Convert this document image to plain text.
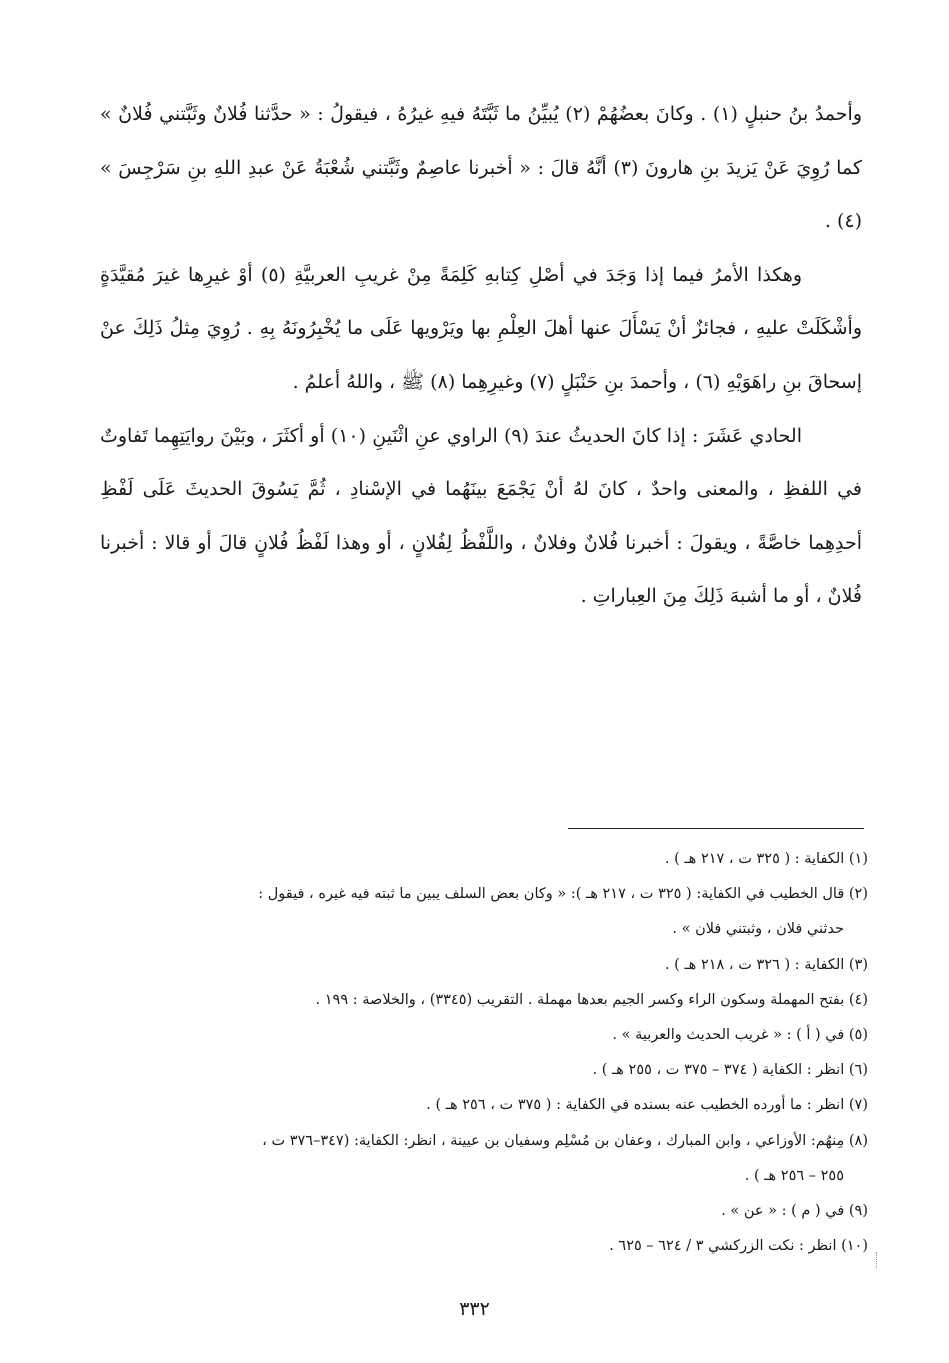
وأحمدُ بنُ حنبلٍ (١) . وكانَ بعضُهُمْ (٢) يُبيِّنُ ما ثَبَّتَهُ فيهِ غيرُهُ ، فيقولُ : « حدَّثنا فُلانٌ وثَبَّتني فُلانٌ » كما رُوِيَ عَنْ يَزيدَ بنِ هارونَ (٣) أنَّهُ قالَ : « أخبرنا عاصِمٌ وثَبَّتني شُعْبَةُ عَنْ عبدِ اللهِ بنِ سَرْجِسَ » (٤) .

وهكذا الأمرُ فيما إذا وَجَدَ في أصْلِ كِتابهِ كَلِمَةً مِنْ غريبِ العربيَّةِ (٥) أوْ غيرِها غيرَ مُقيَّدَةٍ وأشْكَلَتْ عليهِ ، فجائزٌ أنْ يَسْأَلَ عنها أهلَ العِلْمِ بها ويَرْويها عَلَى ما يُخْبِرُونَهُ بِهِ . رُوِيَ مِثلُ ذَلِكَ عنْ إسحاقَ بنِ راهَوَيْهِ (٦) ، وأحمدَ بنِ حَنْبَلٍ (٧) وغيرِهِما (٨) ﷺ ، واللهُ أعلمُ .

الحادي عَشَرَ : إذا كانَ الحديثُ عندَ (٩) الراوي عنِ اثْنَينِ (١٠) أو أكثَرَ ، وبَيْنَ روايَتِهِما تَفاوتٌ في اللفظِ ، والمعنى واحدٌ ، كانَ لهُ أنْ يَجْمَعَ بينَهُما في الإسْنادِ ، ثُمَّ يَسُوقَ الحديثَ عَلَى لَفْظِ أحدِهِما خاصَّةً ، ويقولَ : أخبرنا فُلانٌ وفلانٌ ، واللَّفْظُ لِفُلانٍ ، أو وهذا لَفْظُ فُلانٍ قالَ أو قالا : أخبرنا فُلانٌ ، أو ما أشبهَ ذَلِكَ مِنَ العِباراتِ .

(١) الكفاية : ( ٣٢٥ ت ، ٢١٧ هـ ) .

(٢) قال الخطيب في الكفاية: ( ٣٢٥ ت ، ٢١٧ هـ ): « وكان بعض السلف يبين ما ثبته فيه غيره ، فيقول :
حدثني فلان ، وثبتني فلان » .

(٣) الكفاية : ( ٣٢٦ ت ، ٢١٨ هـ ) .

(٤) بفتح المهملة وسكون الراء وكسر الجيم بعدها مهملة . التقريب (٣٣٤٥) ، والخلاصة : ١٩٩ .

(٥) في ( أ ) : « غريب الحديث والعربية » .

(٦) انظر : الكفاية ( ٣٧٤ – ٣٧٥ ت ، ٢٥٥ هـ ) .

(٧) انظر : ما أورده الخطيب عنه بسنده في الكفاية : ( ٣٧٥ ت ، ٢٥٦ هـ ) .

(٨) مِنهُم: الأوزاعي ، وابن المبارك ، وعفان بن مُسْلِم وسفيان بن عيينة ، انظر: الكفاية: (٣٤٧–٣٧٦ ت ،
٢٥٥ – ٢٥٦ هـ ) .

(٩) في ( م ) : « عن » .

(١٠) انظر : نكت الزركشي ٣ / ٦٢٤ – ٦٢٥ .

٣٣٢
